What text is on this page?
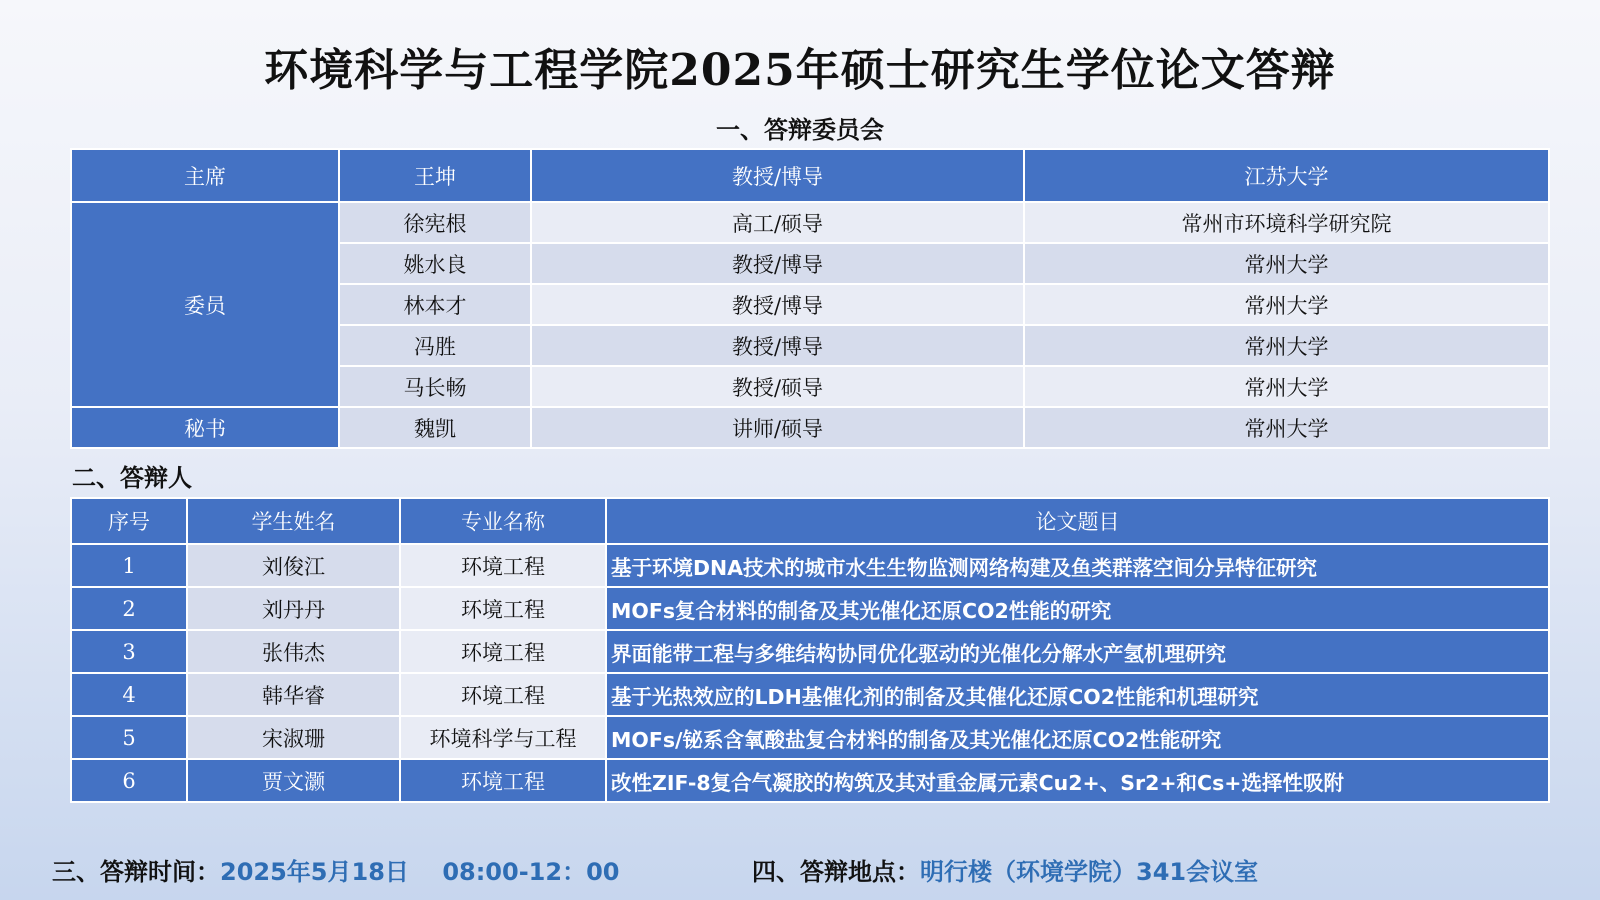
环境科学与工程学院2025年硕士研究生学位论文答辩
一、答辩委员会
主席	王坤	教授/博导	江苏大学
委员	徐宪根	高工/硕导	常州市环境科学研究院
	姚水良	教授/博导	常州大学
	林本才	教授/博导	常州大学
	冯胜	教授/博导	常州大学
	马长畅	教授/硕导	常州大学
秘书	魏凯	讲师/硕导	常州大学
二、答辩人
序号	学生姓名	专业名称	论文题目
1	刘俊江	环境工程	基于环境DNA技术的城市水生生物监测网络构建及鱼类群落空间分异特征研究
2	刘丹丹	环境工程	MOFs复合材料的制备及其光催化还原CO2性能的研究
3	张伟杰	环境工程	界面能带工程与多维结构协同优化驱动的光催化分解水产氢机理研究
4	韩华睿	环境工程	基于光热效应的LDH基催化剂的制备及其催化还原CO2性能和机理研究
5	宋淑珊	环境科学与工程	MOFs/铋系含氧酸盐复合材料的制备及其光催化还原CO2性能研究
6	贾文灏	环境工程	改性ZIF-8复合气凝胶的构筑及其对重金属元素Cu2+、Sr2+和Cs+选择性吸附
三、答辩时间：2025年5月18日    08:00-12：00	四、答辩地点：明行楼（环境学院）341会议室
